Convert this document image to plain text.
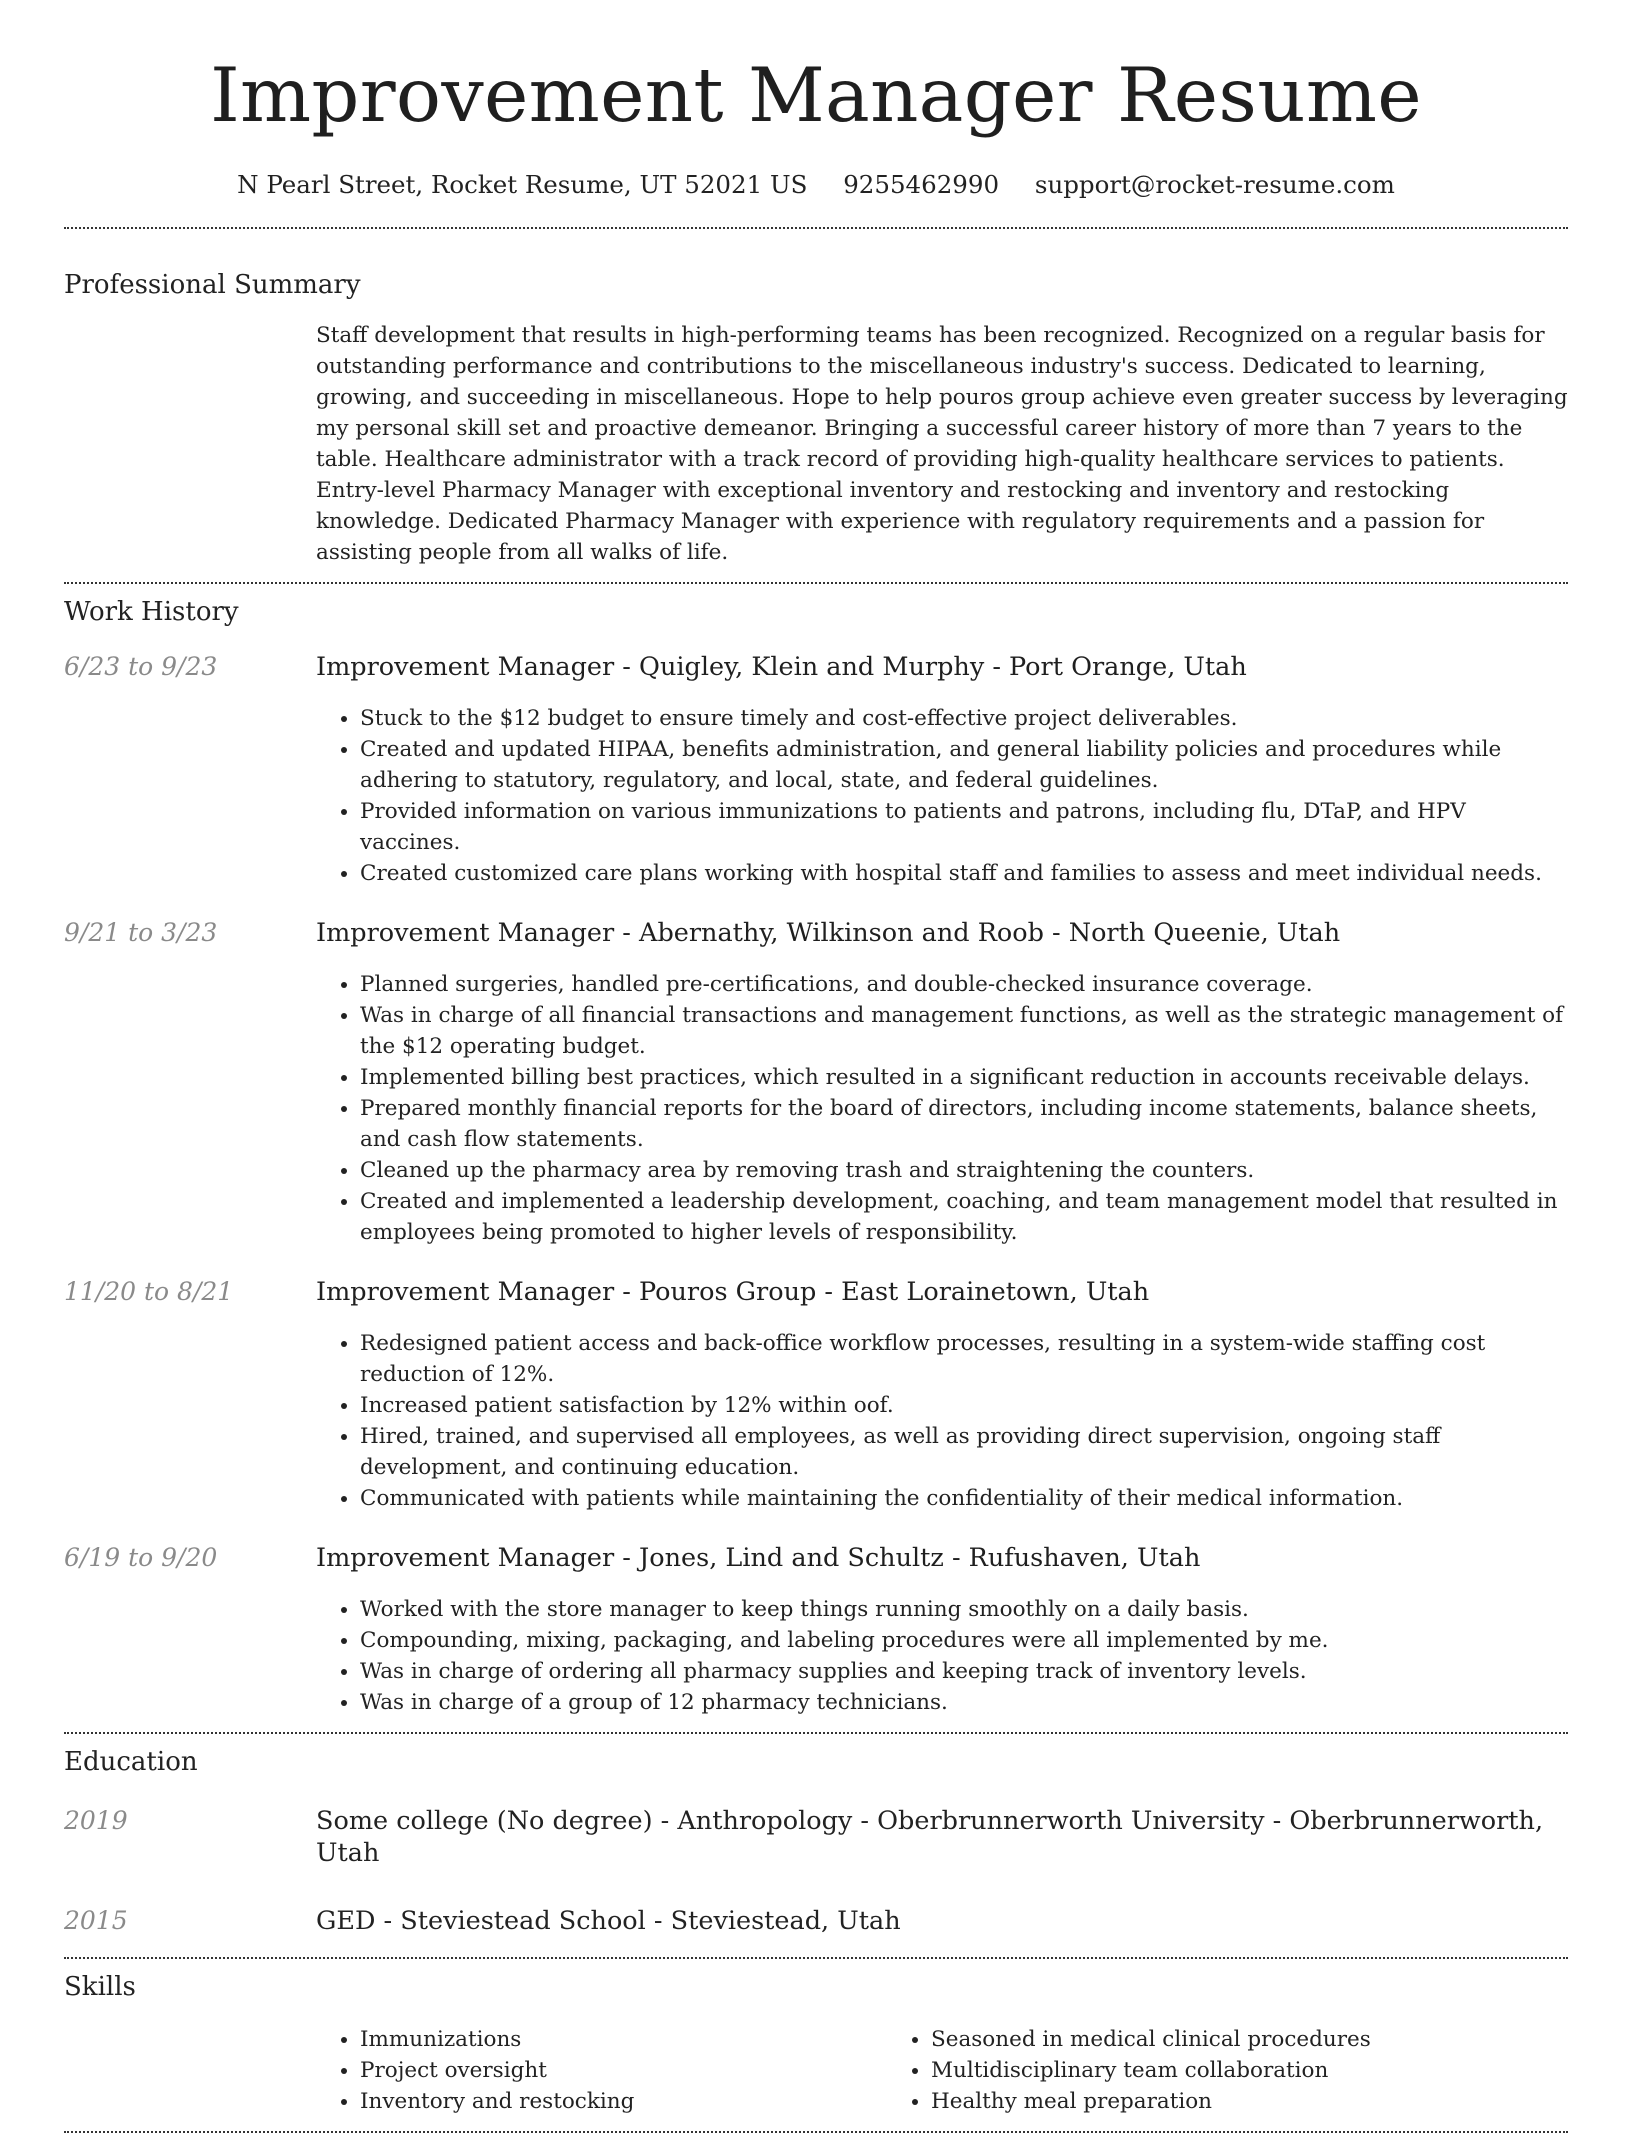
Improvement Manager Resume
N Pearl Street, Rocket Resume, UT 52021 US 9255462990 support@rocket-resume.com
Professional Summary
Staff development that results in high-performing teams has been recognized. Recognized on a regular basis for outstanding performance and contributions to the miscellaneous industry's success. Dedicated to learning, growing, and succeeding in miscellaneous. Hope to help pouros group achieve even greater success by leveraging my personal skill set and proactive demeanor. Bringing a successful career history of more than 7 years to the table. Healthcare administrator with a track record of providing high-quality healthcare services to patients. Entry-level Pharmacy Manager with exceptional inventory and restocking and inventory and restocking knowledge. Dedicated Pharmacy Manager with experience with regulatory requirements and a passion for assisting people from all walks of life.
Work History
6/23 to 9/23	Improvement Manager - Quigley, Klein and Murphy - Port Orange, Utah
• Stuck to the $12 budget to ensure timely and cost-effective project deliverables.
• Created and updated HIPAA, benefits administration, and general liability policies and procedures while adhering to statutory, regulatory, and local, state, and federal guidelines.
• Provided information on various immunizations to patients and patrons, including flu, DTaP, and HPV vaccines.
• Created customized care plans working with hospital staff and families to assess and meet individual needs.
9/21 to 3/23	Improvement Manager - Abernathy, Wilkinson and Roob - North Queenie, Utah
• Planned surgeries, handled pre-certifications, and double-checked insurance coverage.
• Was in charge of all financial transactions and management functions, as well as the strategic management of the $12 operating budget.
• Implemented billing best practices, which resulted in a significant reduction in accounts receivable delays.
• Prepared monthly financial reports for the board of directors, including income statements, balance sheets, and cash flow statements.
• Cleaned up the pharmacy area by removing trash and straightening the counters.
• Created and implemented a leadership development, coaching, and team management model that resulted in employees being promoted to higher levels of responsibility.
11/20 to 8/21	Improvement Manager - Pouros Group - East Lorainetown, Utah
• Redesigned patient access and back-office workflow processes, resulting in a system-wide staffing cost reduction of 12%.
• Increased patient satisfaction by 12% within oof.
• Hired, trained, and supervised all employees, as well as providing direct supervision, ongoing staff development, and continuing education.
• Communicated with patients while maintaining the confidentiality of their medical information.
6/19 to 9/20	Improvement Manager - Jones, Lind and Schultz - Rufushaven, Utah
• Worked with the store manager to keep things running smoothly on a daily basis.
• Compounding, mixing, packaging, and labeling procedures were all implemented by me.
• Was in charge of ordering all pharmacy supplies and keeping track of inventory levels.
• Was in charge of a group of 12 pharmacy technicians.
Education
2019	Some college (No degree) - Anthropology - Oberbrunnerworth University - Oberbrunnerworth, Utah
2015	GED - Steviestead School - Steviestead, Utah
Skills
• Immunizations
• Project oversight
• Inventory and restocking
• Seasoned in medical clinical procedures
• Multidisciplinary team collaboration
• Healthy meal preparation
